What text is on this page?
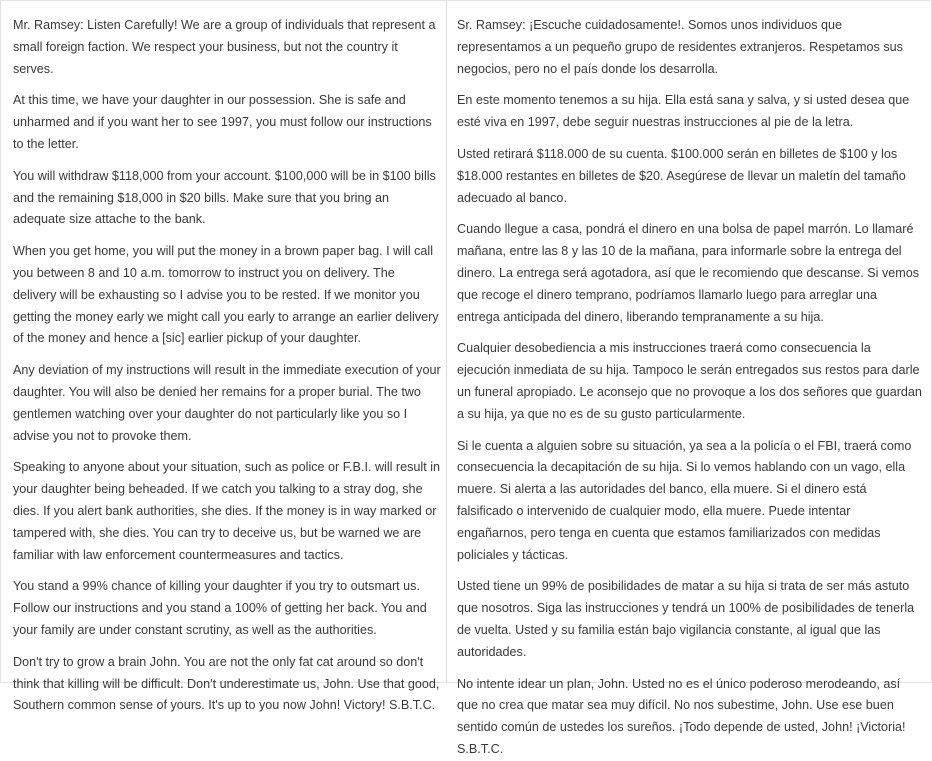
Mr. Ramsey: Listen Carefully! We are a group of individuals that represent a small foreign faction. We respect your business, but not the country it serves.

At this time, we have your daughter in our possession. She is safe and unharmed and if you want her to see 1997, you must follow our instructions to the letter.

You will withdraw $118,000 from your account. $100,000 will be in $100 bills and the remaining $18,000 in $20 bills. Make sure that you bring an adequate size attache to the bank.

When you get home, you will put the money in a brown paper bag. I will call you between 8 and 10 a.m. tomorrow to instruct you on delivery. The delivery will be exhausting so I advise you to be rested. If we monitor you getting the money early we might call you early to arrange an earlier delivery of the money and hence a [sic] earlier pickup of your daughter.

Any deviation of my instructions will result in the immediate execution of your daughter. You will also be denied her remains for a proper burial. The two gentlemen watching over your daughter do not particularly like you so I advise you not to provoke them.

Speaking to anyone about your situation, such as police or F.B.I. will result in your daughter being beheaded. If we catch you talking to a stray dog, she dies. If you alert bank authorities, she dies. If the money is in way marked or tampered with, she dies. You can try to deceive us, but be warned we are familiar with law enforcement countermeasures and tactics.

You stand a 99% chance of killing your daughter if you try to outsmart us. Follow our instructions and you stand a 100% of getting her back. You and your family are under constant scrutiny, as well as the authorities.

Don't try to grow a brain John. You are not the only fat cat around so don't think that killing will be difficult. Don't underestimate us, John. Use that good, Southern common sense of yours. It's up to you now John! Victory! S.B.T.C.

Sr. Ramsey: ¡Escuche cuidadosamente!. Somos unos individuos que representamos a un pequeño grupo de residentes extranjeros. Respetamos sus negocios, pero no el país donde los desarrolla.

En este momento tenemos a su hija. Ella está sana y salva, y si usted desea que esté viva en 1997, debe seguir nuestras instrucciones al pie de la letra.

Usted retirará $118.000 de su cuenta. $100.000 serán en billetes de $100 y los $18.000 restantes en billetes de $20. Asegúrese de llevar un maletín del tamaño adecuado al banco.

Cuando llegue a casa, pondrá el dinero en una bolsa de papel marrón. Lo llamaré mañana, entre las 8 y las 10 de la mañana, para informarle sobre la entrega del dinero. La entrega será agotadora, así que le recomiendo que descanse. Si vemos que recoge el dinero temprano, podríamos llamarlo luego para arreglar una entrega anticipada del dinero, liberando tempranamente a su hija.

Cualquier desobediencia a mis instrucciones traerá como consecuencia la ejecución inmediata de su hija. Tampoco le serán entregados sus restos para darle un funeral apropiado. Le aconsejo que no provoque a los dos señores que guardan a su hija, ya que no es de su gusto particularmente.

Si le cuenta a alguien sobre su situación, ya sea a la policía o el FBI, traerá como consecuencia la decapitación de su hija. Si lo vemos hablando con un vago, ella muere. Si alerta a las autoridades del banco, ella muere. Si el dinero está falsificado o intervenido de cualquier modo, ella muere. Puede intentar engañarnos, pero tenga en cuenta que estamos familiarizados con medidas policiales y tácticas.

Usted tiene un 99% de posibilidades de matar a su hija si trata de ser más astuto que nosotros. Siga las instrucciones y tendrá un 100% de posibilidades de tenerla de vuelta. Usted y su familia están bajo vigilancia constante, al igual que las autoridades.

No intente idear un plan, John. Usted no es el único poderoso merodeando, así que no crea que matar sea muy difícil. No nos subestime, John. Use ese buen sentido común de ustedes los sureños. ¡Todo depende de usted, John! ¡Victoria! S.B.T.C.
